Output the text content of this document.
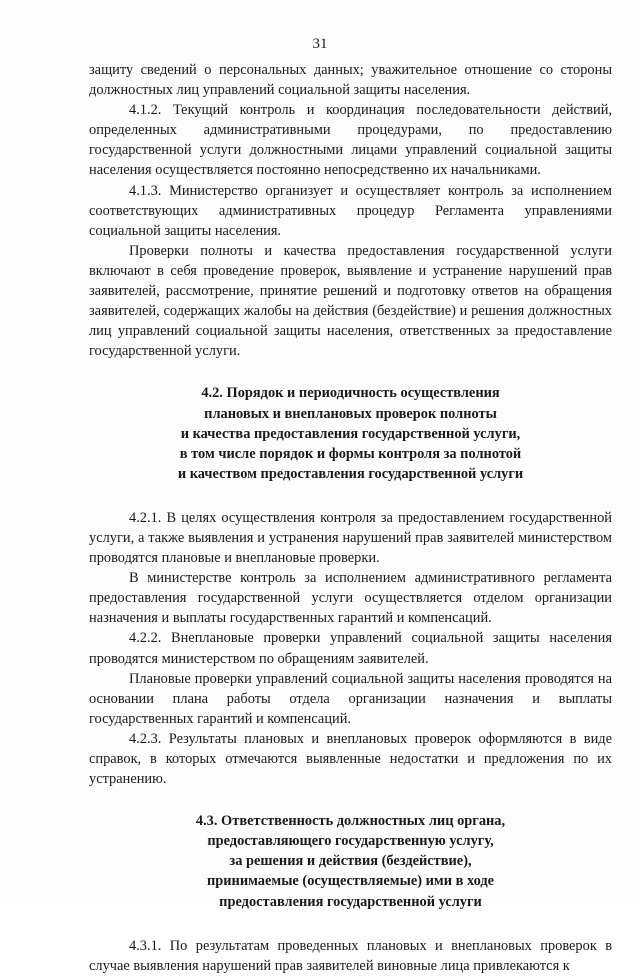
31

защиту сведений о персональных данных; уважительное отношение со стороны должностных лиц управлений социальной защиты населения.

4.1.2. Текущий контроль и координация последовательности действий, определенных административными процедурами, по предоставлению государственной услуги должностными лицами управлений социальной защиты населения осуществляется постоянно непосредственно их начальниками.

4.1.3. Министерство организует и осуществляет контроль за исполнением соответствующих административных процедур Регламента управлениями социальной защиты населения.

Проверки полноты и качества предоставления государственной услуги включают в себя проведение проверок, выявление и устранение нарушений прав заявителей, рассмотрение, принятие решений и подготовку ответов на обращения заявителей, содержащих жалобы на действия (бездействие) и решения должностных лиц управлений социальной защиты населения, ответственных за предоставление государственной услуги.

4.2. Порядок и периодичность осуществления
плановых и внеплановых проверок полноты
и качества предоставления государственной услуги,
в том числе порядок и формы контроля за полнотой
и качеством предоставления государственной услуги

4.2.1. В целях осуществления контроля за предоставлением государственной услуги, а также выявления и устранения нарушений прав заявителей министерством проводятся плановые и внеплановые проверки.

В министерстве контроль за исполнением административного регламента предоставления государственной услуги осуществляется отделом организации назначения и выплаты государственных гарантий и компенсаций.

4.2.2. Внеплановые проверки управлений социальной защиты населения проводятся министерством по обращениям заявителей.

Плановые проверки управлений социальной защиты населения проводятся на основании плана работы отдела организации назначения и выплаты государственных гарантий и компенсаций.

4.2.3. Результаты плановых и внеплановых проверок оформляются в виде справок, в которых отмечаются выявленные недостатки и предложения по их устранению.

4.3. Ответственность должностных лиц органа,
предоставляющего государственную услугу,
за решения и действия (бездействие),
принимаемые (осуществляемые) ими в ходе
предоставления государственной услуги

4.3.1. По результатам проведенных плановых и внеплановых проверок в случае выявления нарушений прав заявителей виновные лица привлекаются к
